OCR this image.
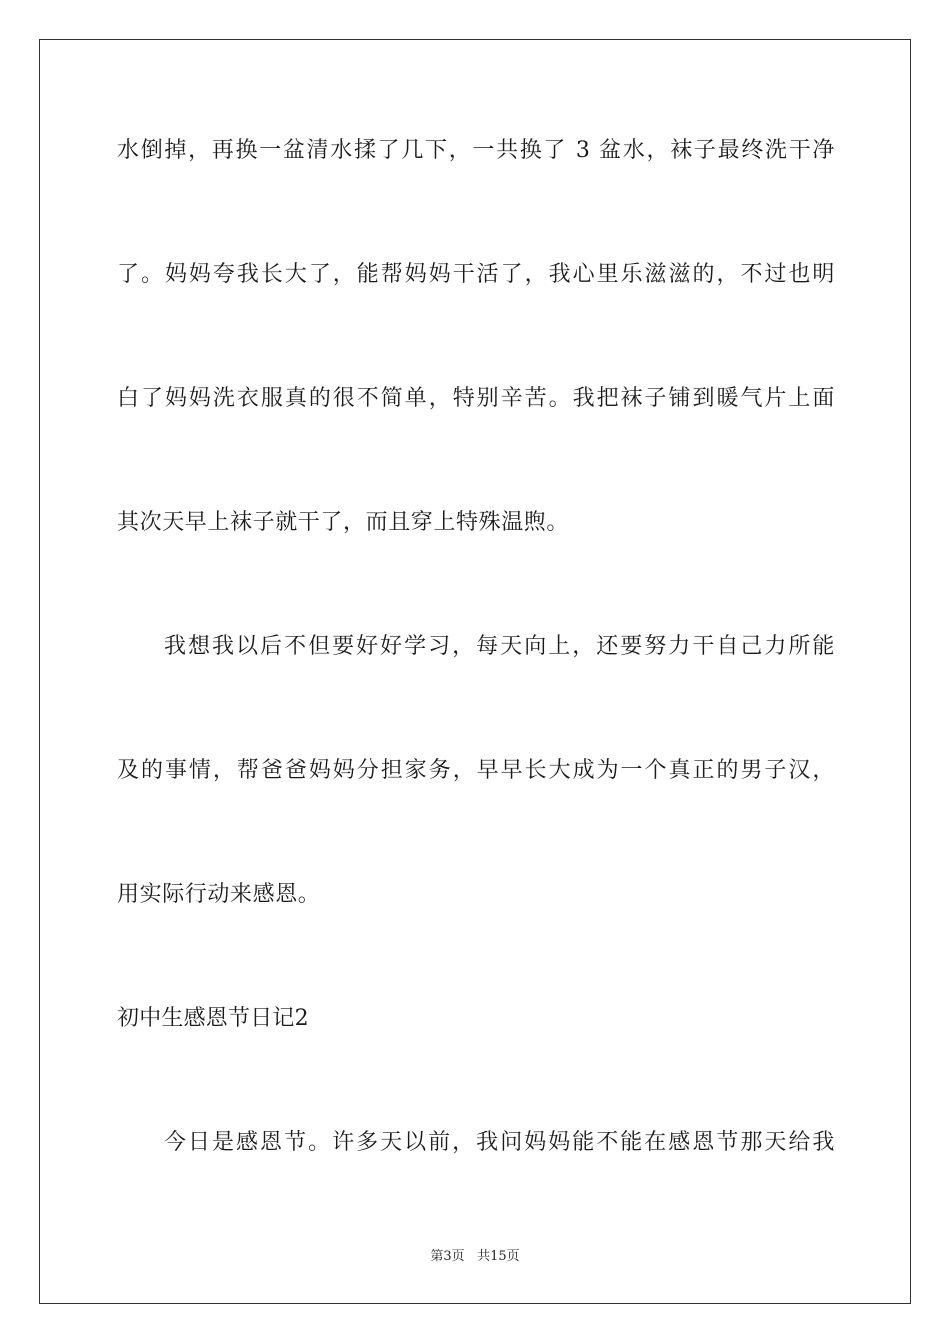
水倒掉，再换一盆清水揉了几下，一共换了 3 盆水，袜子最终洗干净
了。妈妈夸我长大了，能帮妈妈干活了，我心里乐滋滋的，不过也明
白了妈妈洗衣服真的很不简单，特别辛苦。我把袜子铺到暖气片上面
其次天早上袜子就干了，而且穿上特殊温煦。
我想我以后不但要好好学习，每天向上，还要努力干自己力所能
及的事情，帮爸爸妈妈分担家务，早早长大成为一个真正的男子汉，
用实际行动来感恩。
初中生感恩节日记2
今日是感恩节。许多天以前，我问妈妈能不能在感恩节那天给我
第3页 共15页
